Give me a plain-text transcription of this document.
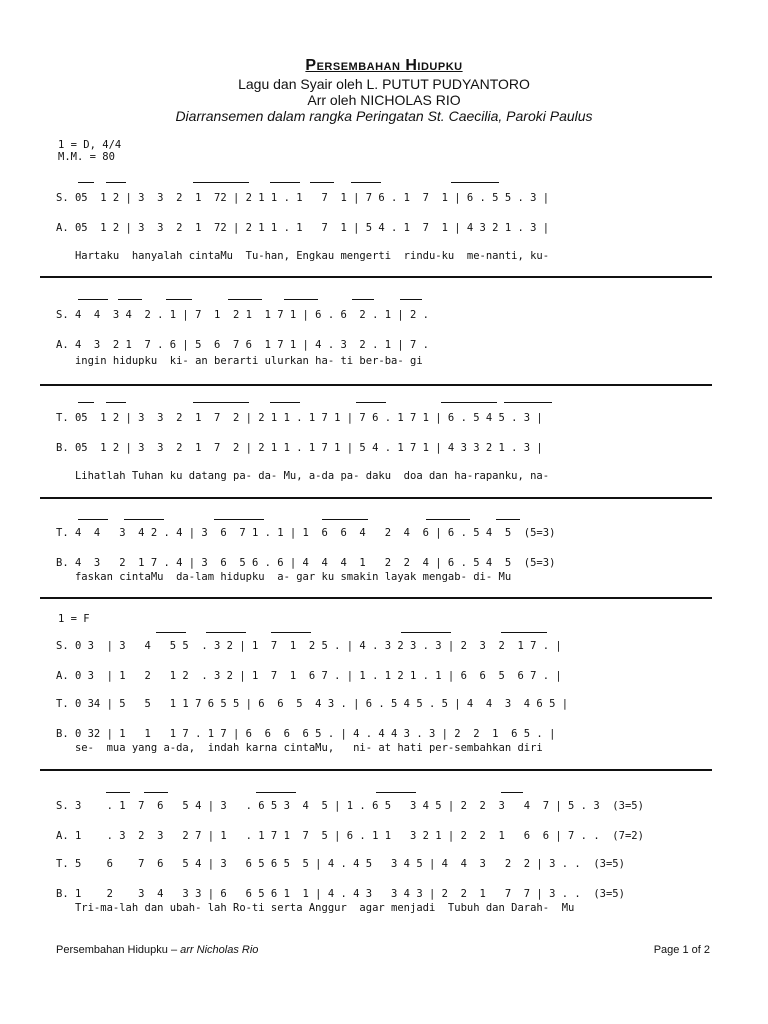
Persembahan Hidupku
Lagu dan Syair oleh L. PUTUT PUDYANTORO
Arr oleh NICHOLAS RIO
Diarransemen dalam rangka Peringatan St. Caecilia, Paroki Paulus
1 = D, 4/4
M.M. = 80
S. 05  1 2 | 3  3  2  1  72 | 2 1 1 . 1   7  1 | 7 6 . 1  7  1 | 6 . 5 5 . 3 |
A. 05  1 2 | 3  3  2  1  72 | 2 1 1 . 1   7  1 | 5 4 . 1  7  1 | 4 3 2 1 . 3 |
Hartaku  hanyalah cintaMu  Tu-han, Engkau mengerti  rindu-ku  me-nanti, ku-
S. 4  4  3 4  2 . 1 | 7  1  2 1  1 7 1 | 6 . 6  2 . 1 | 2 .
A. 4  3  2 1  7 . 6 | 5  6  7 6  1 7 1 | 4 . 3  2 . 1 | 7 .
ingin hidupku  ki- an berarti ulurkan ha- ti ber-ba- gi
T. 05  1 2 | 3  3  2  1  7  2 | 2 1 1 . 1 7 1 | 7 6 . 1 7 1 | 6 . 5 4 5 . 3 |
B. 05  1 2 | 3  3  2  1  7  2 | 2 1 1 . 1 7 1 | 5 4 . 1 7 1 | 4 3 3 2 1 . 3 |
Lihatlah Tuhan ku datang pa- da- Mu, a-da pa- daku  doa dan ha-rapanku, na-
T. 4  4   3  4 2 . 4 | 3  6  7 1 . 1 | 1  6  6  4   2  4  6 | 6 . 5 4  5  (5=3)
B. 4  3   2  1 7 . 4 | 3  6  5 6 . 6 | 4  4  4  1   2  2  4 | 6 . 5 4  5  (5=3)
faskan cintaMu  da-lam hidupku  a- gar ku smakin layak mengab- di- Mu
1 = F
S. 0 3  | 3   4   5 5  . 3 2 | 1  7  1  2 5 . | 4 . 3 2 3 . 3 | 2  3  2  1 7 . |
A. 0 3  | 1   2   1 2  . 3 2 | 1  7  1  6 7 . | 1 . 1 2 1 . 1 | 6  6  5  6 7 . |
T. 0 34 | 5   5   1 1 7 6 5 5 | 6  6  5  4 3 . | 6 . 5 4 5 . 5 | 4  4  3  4 6 5 |
B. 0 32 | 1   1   1 7 . 1 7 | 6  6  6  6 5 . | 4 . 4 4 3 . 3 | 2  2  1  6 5 . |
se-  mua yang a-da,  indah karna cintaMu,   ni- at hati per-sembahkan diri
S. 3    . 1  7  6   5 4 | 3   . 6 5 3  4  5 | 1 . 6 5   3 4 5 | 2  2  3   4  7 | 5 . 3  (3=5)
A. 1    . 3  2  3   2 7 | 1   . 1 7 1  7  5 | 6 . 1 1   3 2 1 | 2  2  1   6  6 | 7 . .  (7=2)
T. 5    6    7  6   5 4 | 3   6 5 6 5  5 | 4 . 4 5   3 4 5 | 4  4  3   2  2 | 3 . .  (3=5)
B. 1    2    3  4   3 3 | 6   6 5 6 1  1 | 4 . 4 3   3 4 3 | 2  2  1   7  7 | 3 . .  (3=5)
Tri-ma-lah dan ubah- lah Ro-ti serta Anggur  agar menjadi  Tubuh dan Darah-  Mu
Persembahan Hidupku – arr Nicholas Rio	Page 1 of 2
